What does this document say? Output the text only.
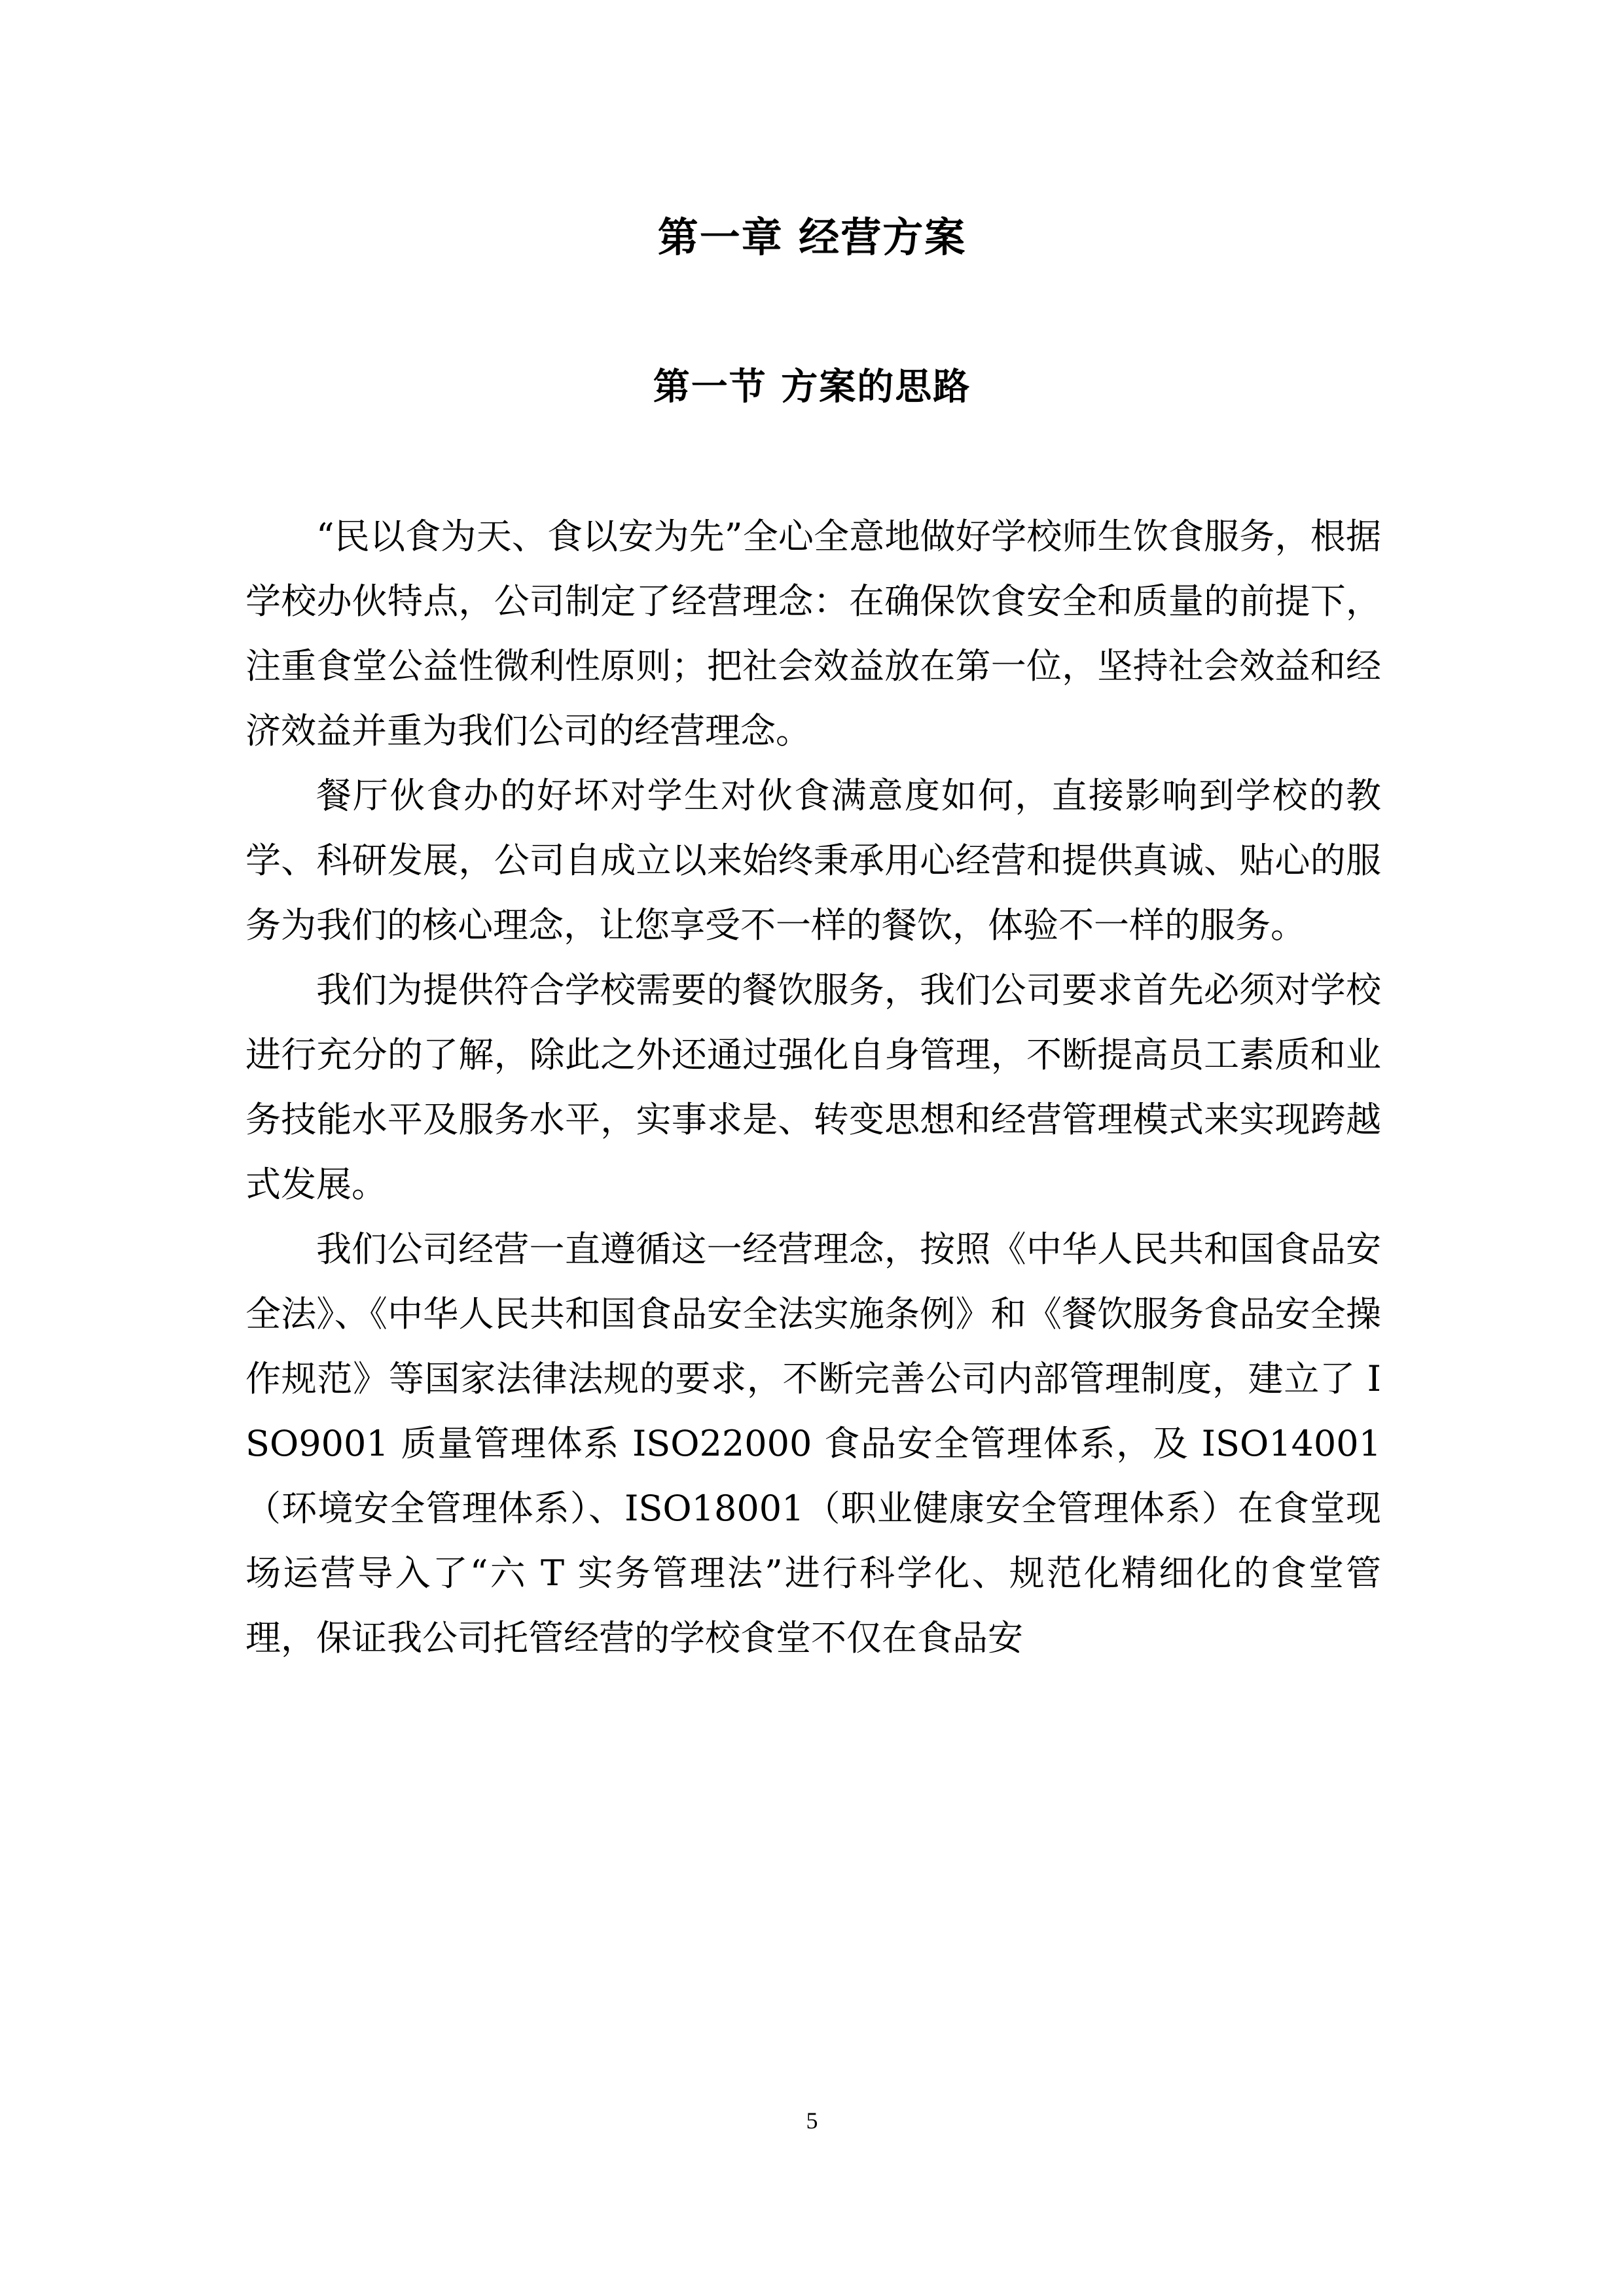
第一章 经营方案
第一节 方案的思路

“民以食为天、食以安为先”全心全意地做好学校师生饮食服务，根据学校办伙特点，公司制定了经营理念：在确保饮食安全和质量的前提下，注重食堂公益性微利性原则；把社会效益放在第一位，坚持社会效益和经济效益并重为我们公司的经营理念。

餐厅伙食办的好坏对学生对伙食满意度如何，直接影响到学校的教学、科研发展，公司自成立以来始终秉承用心经营和提供真诚、贴心的服务为我们的核心理念，让您享受不一样的餐饮，体验不一样的服务。

我们为提供符合学校需要的餐饮服务，我们公司要求首先必须对学校进行充分的了解，除此之外还通过强化自身管理，不断提高员工素质和业务技能水平及服务水平，实事求是、转变思想和经营管理模式来实现跨越式发展。

我们公司经营一直遵循这一经营理念，按照《中华人民共和国食品安全法》、《中华人民共和国食品安全法实施条例》和《餐饮服务食品安全操作规范》等国家法律法规的要求，不断完善公司内部管理制度，建立了 ISO9001 质量管理体系 ISO22000 食品安全管理体系，及 ISO14001（环境安全管理体系）、ISO18001（职业健康安全管理体系）在食堂现场运营导入了“六 T 实务管理法”进行科学化、规范化精细化的食堂管理，保证我公司托管经营的学校食堂不仅在食品安

5
